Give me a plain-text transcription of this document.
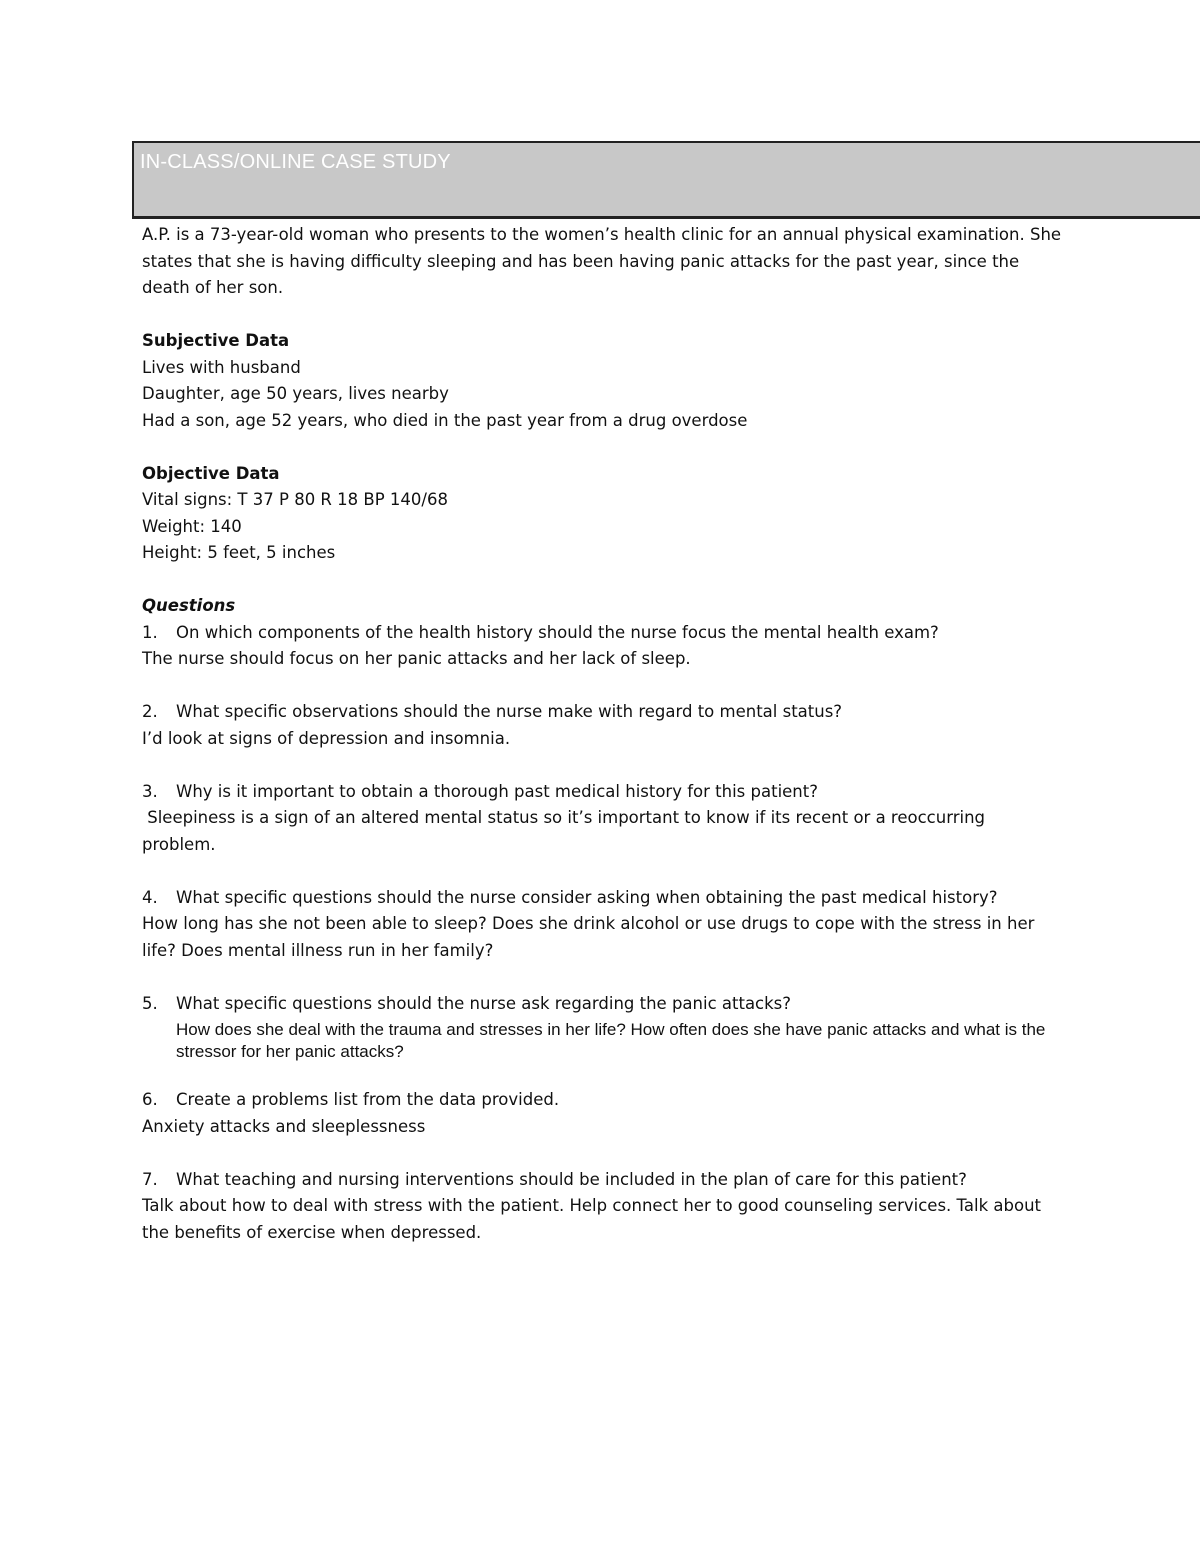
IN-CLASS/ONLINE CASE STUDY

A.P. is a 73-year-old woman who presents to the women’s health clinic for an annual physical examination. She states that she is having difficulty sleeping and has been having panic attacks for the past year, since the death of her son.

Subjective Data

Lives with husband

Daughter, age 50 years, lives nearby

Had a son, age 52 years, who died in the past year from a drug overdose

Objective Data

Vital signs: T 37 P 80 R 18 BP 140/68

Weight: 140

Height: 5 feet, 5 inches

Questions

1. On which components of the health history should the nurse focus the mental health exam?

The nurse should focus on her panic attacks and her lack of sleep.

2. What specific observations should the nurse make with regard to mental status?

I’d look at signs of depression and insomnia.

3. Why is it important to obtain a thorough past medical history for this patient?

Sleepiness is a sign of an altered mental status so it’s important to know if its recent or a reoccurring problem.

4. What specific questions should the nurse consider asking when obtaining the past medical history?

How long has she not been able to sleep? Does she drink alcohol or use drugs to cope with the stress in her life? Does mental illness run in her family?

5. What specific questions should the nurse ask regarding the panic attacks?

How does she deal with the trauma and stresses in her life? How often does she have panic attacks and what is the stressor for her panic attacks?

6. Create a problems list from the data provided.

Anxiety attacks and sleeplessness

7. What teaching and nursing interventions should be included in the plan of care for this patient?

Talk about how to deal with stress with the patient. Help connect her to good counseling services. Talk about the benefits of exercise when depressed.
